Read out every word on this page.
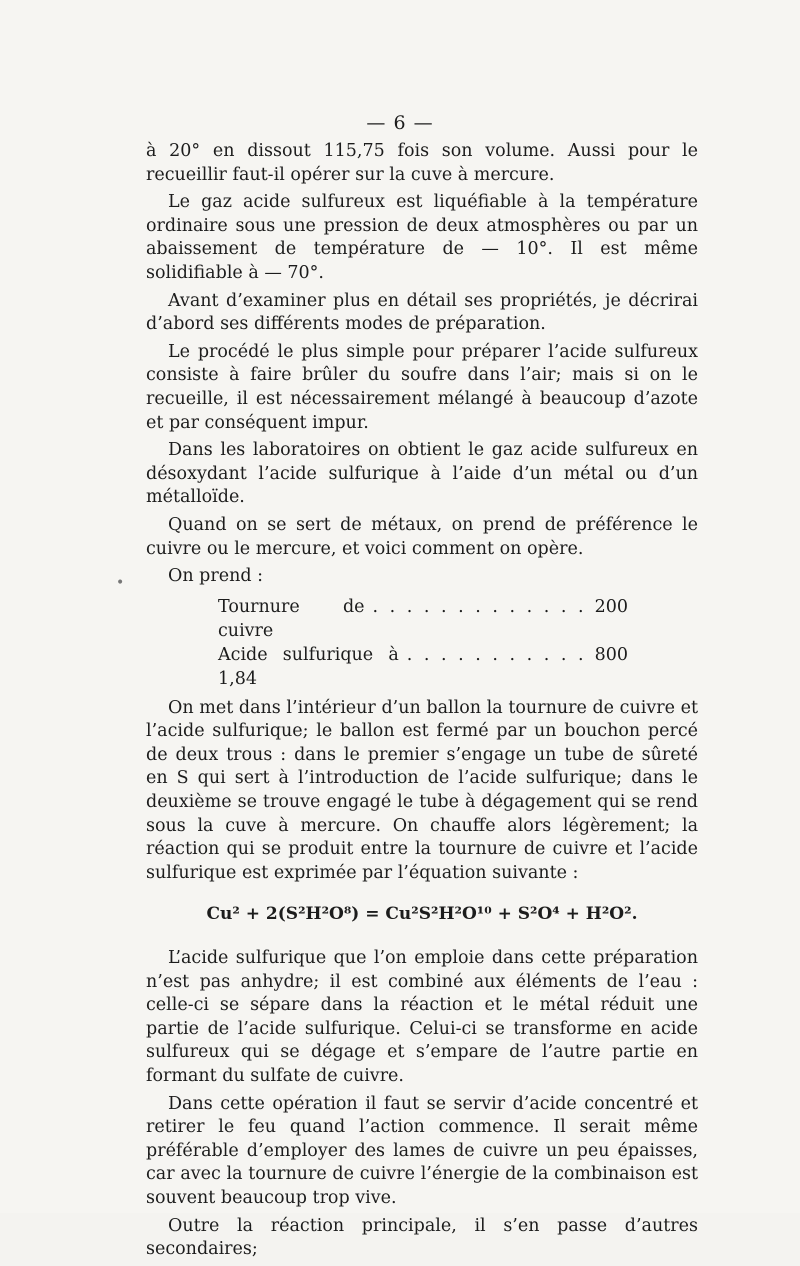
— 6 —
•

à 20° en dissout 115,75 fois son volume. Aussi pour le recueillir faut-il opérer sur la cuve à mercure.

Le gaz acide sulfureux est liquéfiable à la température ordinaire sous une pression de deux atmosphères ou par un abaissement de température de — 10°. Il est même solidifiable à — 70°.

Avant d’examiner plus en détail ses propriétés, je décrirai d’abord ses différents modes de préparation.

Le procédé le plus simple pour préparer l’acide sulfureux consiste à faire brûler du soufre dans l’air; mais si on le recueille, il est nécessairement mélangé à beaucoup d’azote et par conséquent impur.

Dans les laboratoires on obtient le gaz acide sulfureux en désoxydant l’acide sulfurique à l’aide d’un métal ou d’un métalloïde.

Quand on se sert de métaux, on prend de préférence le cuivre ou le mercure, et voici comment on opère.

On prend :

Tournure de cuivre
. . . . . . . . . . . . . 200
Acide sulfurique à 1,84
. . . . . . . . . . . 800

On met dans l’intérieur d’un ballon la tournure de cuivre et l’acide sulfurique; le ballon est fermé par un bouchon percé de deux trous : dans le premier s’engage un tube de sûreté en S qui sert à l’introduction de l’acide sulfurique; dans le deuxième se trouve engagé le tube à dégagement qui se rend sous la cuve à mercure. On chauffe alors légèrement; la réaction qui se produit entre la tournure de cuivre et l’acide sulfurique est exprimée par l’équation suivante :

Cu² + 2(S²H²O⁸) = Cu²S²H²O¹⁰ + S²O⁴ + H²O².

L’acide sulfurique que l’on emploie dans cette préparation n’est pas anhydre; il est combiné aux éléments de l’eau : celle-ci se sépare dans la réaction et le métal réduit une partie de l’acide sulfurique. Celui-ci se transforme en acide sulfureux qui se dégage et s’empare de l’autre partie en formant du sulfate de cuivre.

Dans cette opération il faut se servir d’acide concentré et retirer le feu quand l’action commence. Il serait même préférable d’employer des lames de cuivre un peu épaisses, car avec la tournure de cuivre l’énergie de la combinaison est souvent beaucoup trop vive.

Outre la réaction principale, il s’en passe d’autres secondaires;
